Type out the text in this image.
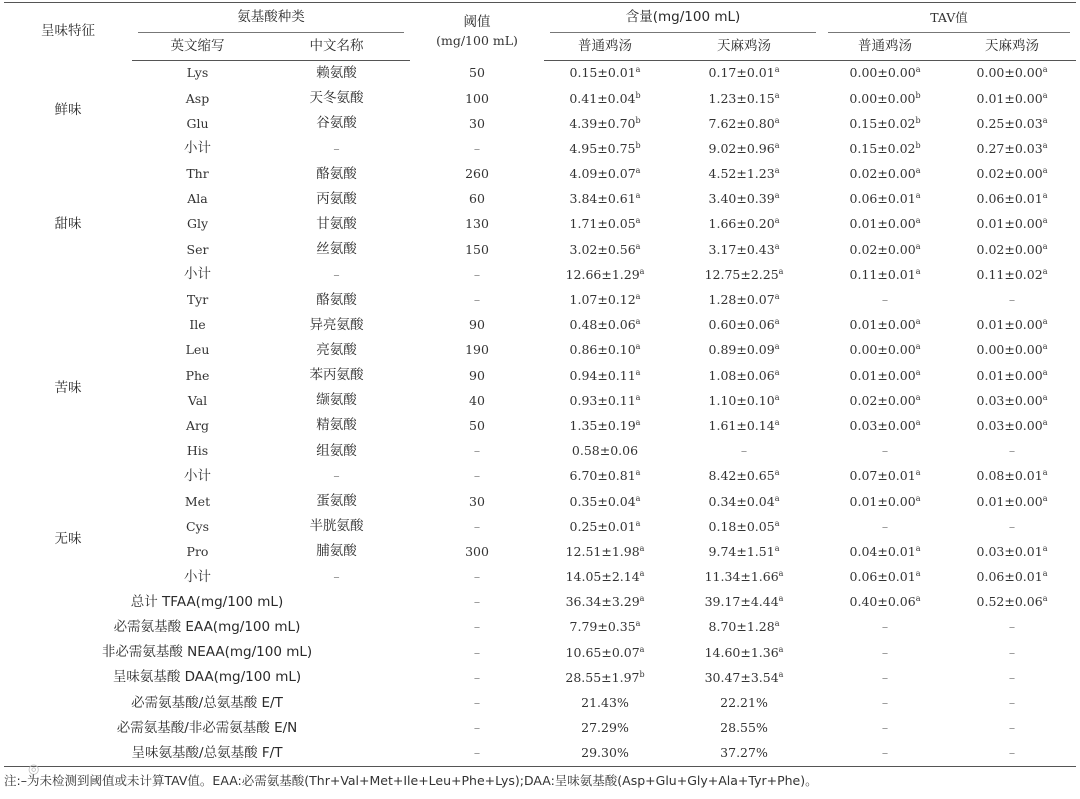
呈味特征	氨基酸种类		阈值
(mg/100 mL)	含量(mg/100 mL)		TAV值	
	英文缩写	中文名称		普通鸡汤	天麻鸡汤	普通鸡汤	天麻鸡汤
鲜味	Lys	赖氨酸	50	0.15±0.01$^a$	0.17±0.01$^a$	0.00±0.00$^a$	0.00±0.00$^a$
	Asp	天冬氨酸	100	0.41±0.04$^b$	1.23±0.15$^a$	0.00±0.00$^b$	0.01±0.00$^a$
	Glu	谷氨酸	30	4.39±0.70$^b$	7.62±0.80$^a$	0.15±0.02$^b$	0.25±0.03$^a$
	小计	–	–	4.95±0.75$^b$	9.02±0.96$^a$	0.15±0.02$^b$	0.27±0.03$^a$
甜味	Thr	酪氨酸	260	4.09±0.07$^a$	4.52±1.23$^a$	0.02±0.00$^a$	0.02±0.00$^a$
	Ala	丙氨酸	60	3.84±0.61$^a$	3.40±0.39$^a$	0.06±0.01$^a$	0.06±0.01$^a$
	Gly	甘氨酸	130	1.71±0.05$^a$	1.66±0.20$^a$	0.01±0.00$^a$	0.01±0.00$^a$
	Ser	丝氨酸	150	3.02±0.56$^a$	3.17±0.43$^a$	0.02±0.00$^a$	0.02±0.00$^a$
	小计	–	–	12.66±1.29$^a$	12.75±2.25$^a$	0.11±0.01$^a$	0.11±0.02$^a$
苦味	Tyr	酪氨酸	–	1.07±0.12$^a$	1.28±0.07$^a$	–	–
	Ile	异亮氨酸	90	0.48±0.06$^a$	0.60±0.06$^a$	0.01±0.00$^a$	0.01±0.00$^a$
	Leu	亮氨酸	190	0.86±0.10$^a$	0.89±0.09$^a$	0.00±0.00$^a$	0.00±0.00$^a$
	Phe	苯丙氨酸	90	0.94±0.11$^a$	1.08±0.06$^a$	0.01±0.00$^a$	0.01±0.00$^a$
	Val	缬氨酸	40	0.93±0.11$^a$	1.10±0.10$^a$	0.02±0.00$^a$	0.03±0.00$^a$
	Arg	精氨酸	50	1.35±0.19$^a$	1.61±0.14$^a$	0.03±0.00$^a$	0.03±0.00$^a$
	His	组氨酸	–	0.58±0.06	–	–	–
	小计	–	–	6.70±0.81$^a$	8.42±0.65$^a$	0.07±0.01$^a$	0.08±0.01$^a$
无味	Met	蛋氨酸	30	0.35±0.04$^a$	0.34±0.04$^a$	0.01±0.00$^a$	0.01±0.00$^a$
	Cys	半胱氨酸	–	0.25±0.01$^a$	0.18±0.05$^a$	–	–
	Pro	脯氨酸	300	12.51±1.98$^a$	9.74±1.51$^a$	0.04±0.01$^a$	0.03±0.01$^a$
	小计	–	–	14.05±2.14$^a$	11.34±1.66$^a$	0.06±0.01$^a$	0.06±0.01$^a$
总计 TFAA(mg/100 mL)			–	36.34±3.29$^a$	39.17±4.44$^a$	0.40±0.06$^a$	0.52±0.06$^a$
必需氨基酸 EAA(mg/100 mL)			–	7.79±0.35$^a$	8.70±1.28$^a$	–	–
非必需氨基酸 NEAA(mg/100 mL)			–	10.65±0.07$^a$	14.60±1.36$^a$	–	–
呈味氨基酸 DAA(mg/100 mL)			–	28.55±1.97$^b$	30.47±3.54$^a$	–	–
必需氨基酸/总氨基酸 E/T			–	21.43%	22.21%	–	–
必需氨基酸/非必需氨基酸 E/N			–	27.29%	28.55%	–	–
呈味氨基酸/总氨基酸 F/T			–	29.30%	37.27%	–	–
◎
注:–为未检测到阈值或未计算TAV值。EAA:必需氨基酸(Thr+Val+Met+Ile+Leu+Phe+Lys);DAA:呈味氨基酸(Asp+Glu+Gly+Ala+Tyr+Phe)。
